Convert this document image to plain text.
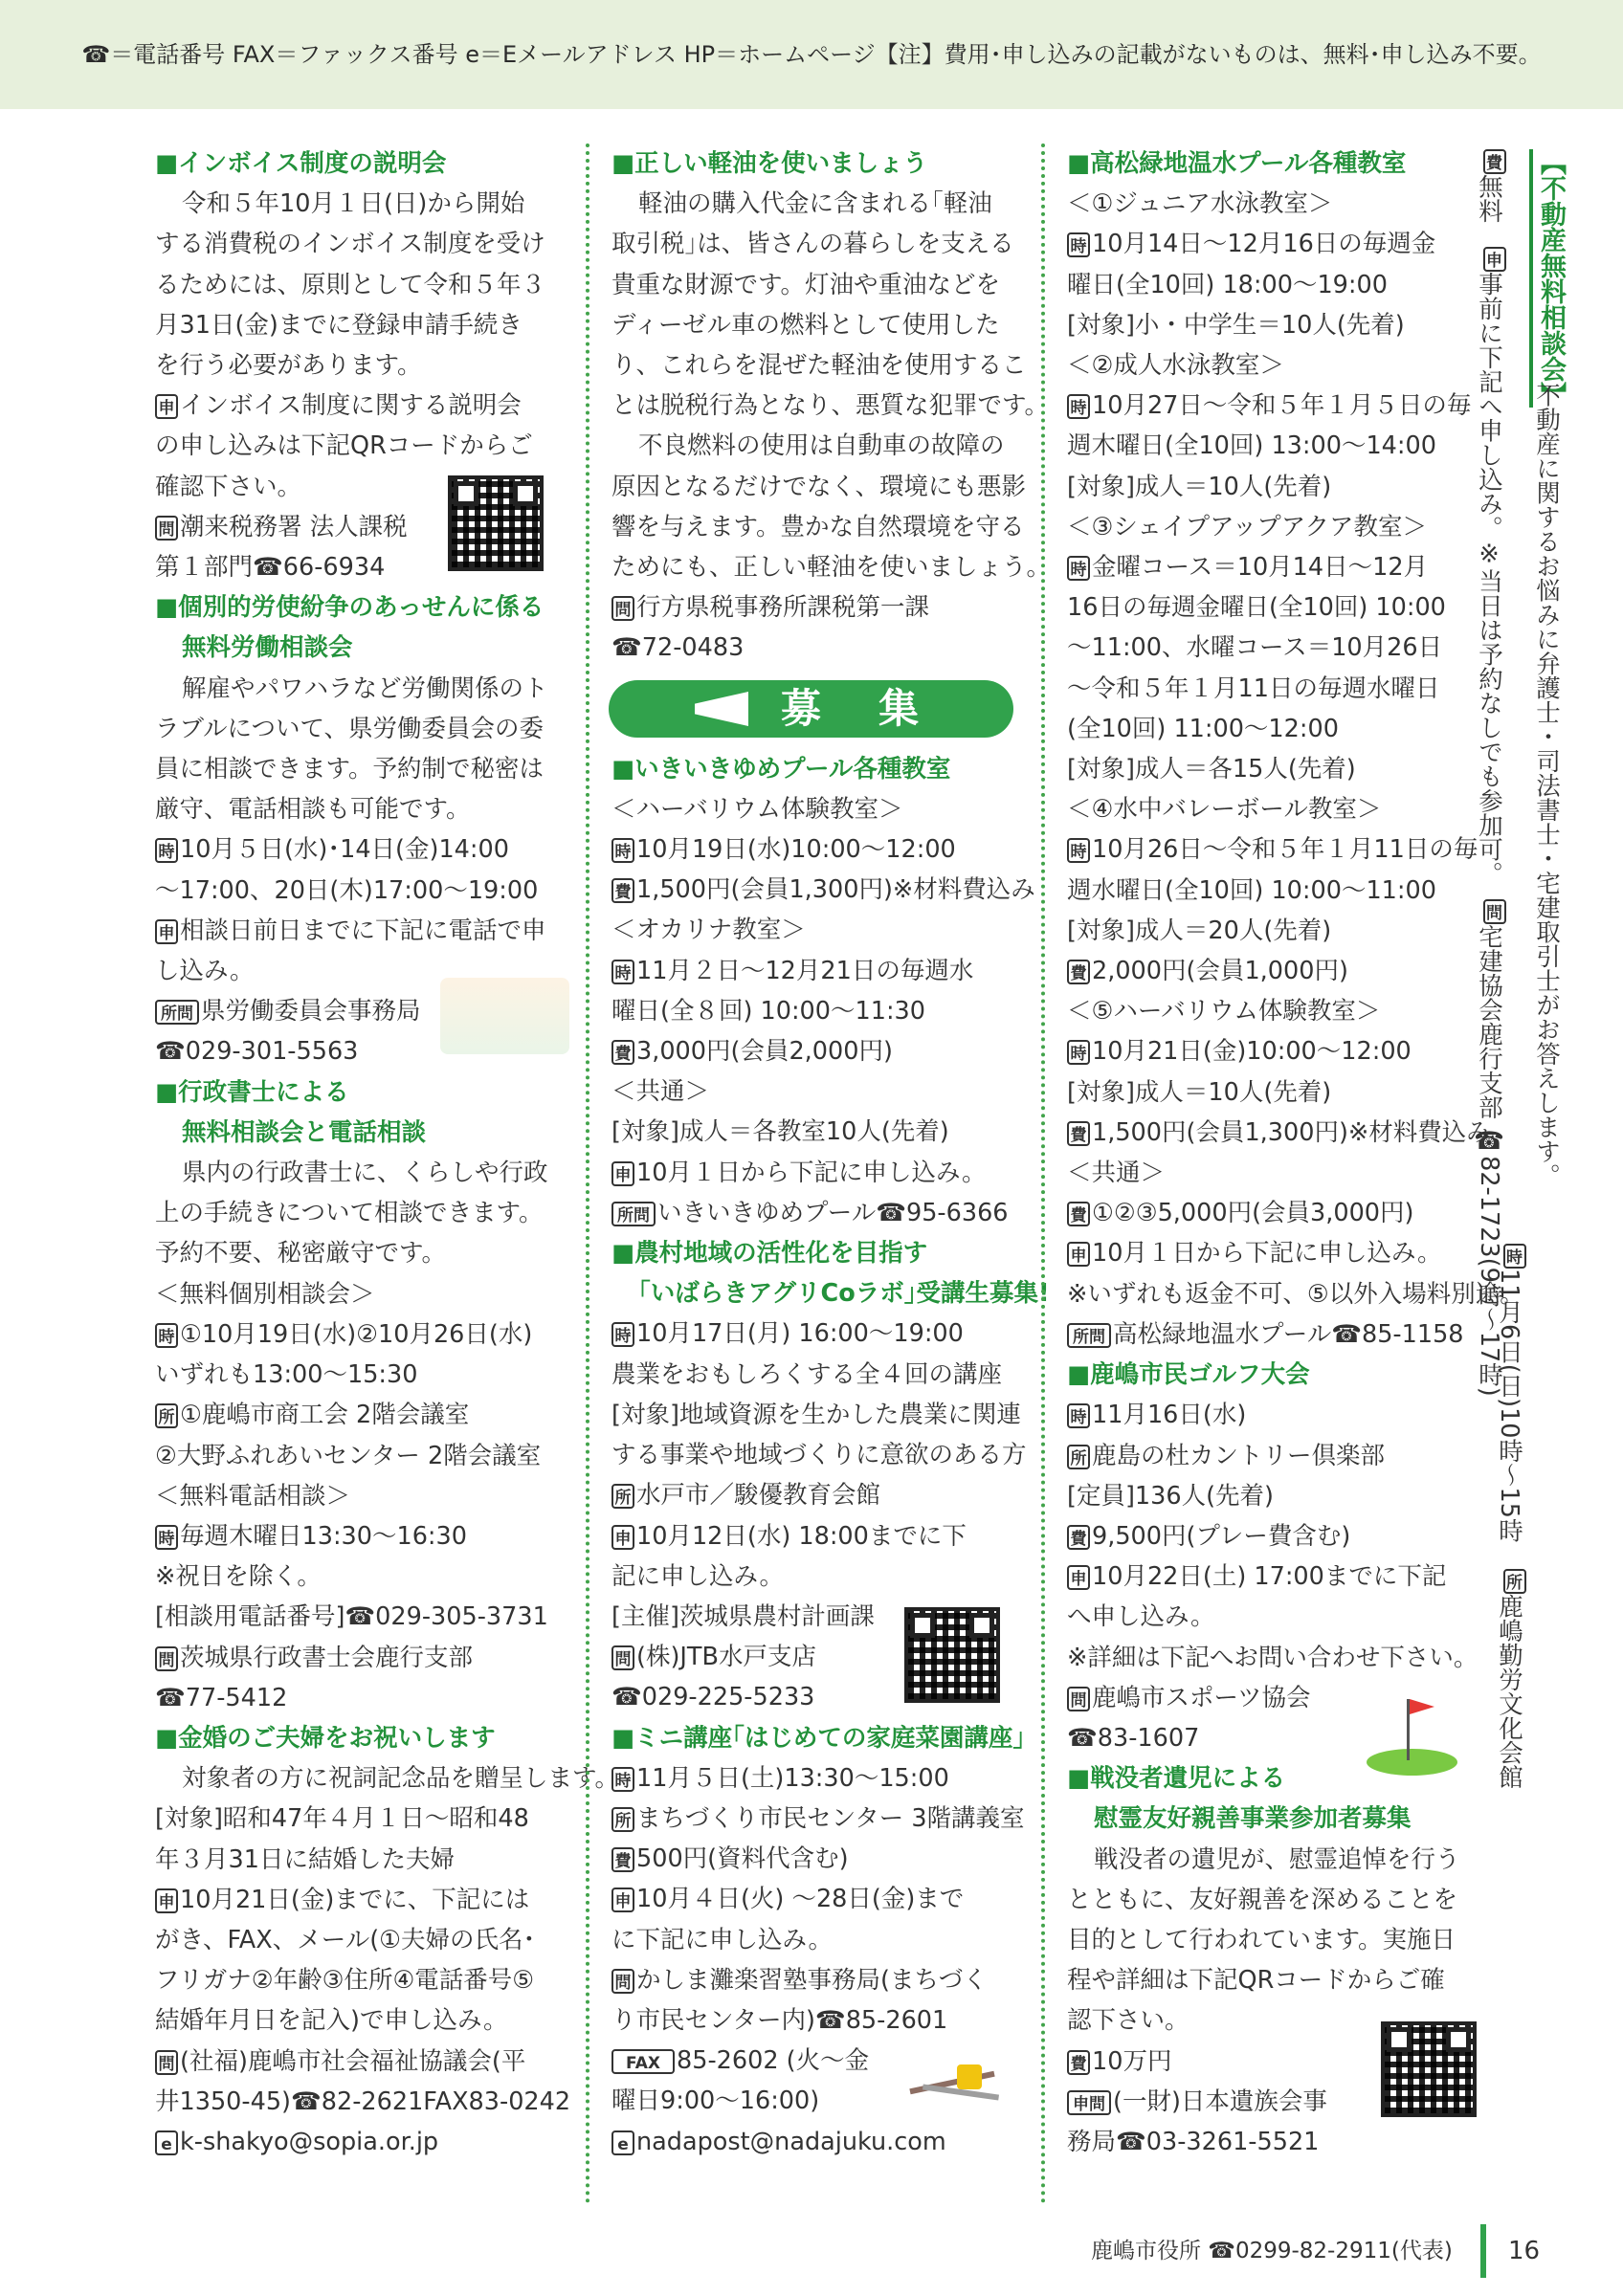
☎＝電話番号 FAX＝ファックス番号 e＝Eメールアドレス HP＝ホームページ【注】費用･申し込みの記載がないものは、無料･申し込み不要。
■インボイス制度の説明会
令和５年10月１日(日)から開始
する消費税のインボイス制度を受け
るためには、原則として令和５年３
月31日(金)までに登録申請手続き
を行う必要があります。
申 インボイス制度に関する説明会
の申し込みは下記QRコードからご
確認下さい。
問 潮来税務署 法人課税
第１部門☎66-6934
■個別的労使紛争のあっせんに係る
無料労働相談会
解雇やパワハラなど労働関係のト
ラブルについて、県労働委員会の委
員に相談できます。予約制で秘密は
厳守、電話相談も可能です。
時 10月５日(水)･14日(金)14:00
～17:00、20日(木)17:00～19:00
申 相談日前日までに下記に電話で申
し込み。
所問 県労働委員会事務局
☎029-301-5563
■行政書士による
無料相談会と電話相談
県内の行政書士に、くらしや行政
上の手続きについて相談できます。
予約不要、秘密厳守です。
＜無料個別相談会＞
時 ①10月19日(水)②10月26日(水)
いずれも13:00～15:30
所 ①鹿嶋市商工会 2階会議室
②大野ふれあいセンター 2階会議室
＜無料電話相談＞
時 毎週木曜日13:30～16:30
※祝日を除く。
[相談用電話番号]☎029-305-3731
問 茨城県行政書士会鹿行支部
☎77-5412
■金婚のご夫婦をお祝いします
対象者の方に祝詞記念品を贈呈します。
[対象]昭和47年４月１日～昭和48
年３月31日に結婚した夫婦
申 10月21日(金)までに、下記には
がき、FAX、メール(①夫婦の氏名･
フリガナ②年齢③住所④電話番号⑤
結婚年月日を記入)で申し込み。
問 (社福)鹿嶋市社会福祉協議会(平
井1350-45)☎82-2621FAX83-0242
e k-shakyo@sopia.or.jp
■正しい軽油を使いましょう
軽油の購入代金に含まれる｢軽油
取引税｣は、皆さんの暮らしを支える
貴重な財源です。灯油や重油などを
ディーゼル車の燃料として使用した
り、これらを混ぜた軽油を使用するこ
とは脱税行為となり、悪質な犯罪です。
不良燃料の使用は自動車の故障の
原因となるだけでなく、環境にも悪影
響を与えます。豊かな自然環境を守る
ためにも、正しい軽油を使いましょう。
問 行方県税事務所課税第一課
☎72-0483
■いきいきゆめプール各種教室
＜ハーバリウム体験教室＞
時 10月19日(水)10:00～12:00
費 1,500円(会員1,300円)※材料費込み
＜オカリナ教室＞
時 11月２日～12月21日の毎週水
曜日(全８回) 10:00～11:30
費 3,000円(会員2,000円)
＜共通＞
[対象]成人＝各教室10人(先着)
申 10月１日から下記に申し込み。
所問 いきいきゆめプール☎95-6366
■農村地域の活性化を目指す
｢いばらきアグリCoラボ｣受講生募集!
時 10月17日(月) 16:00～19:00
農業をおもしろくする全４回の講座
[対象]地域資源を生かした農業に関連
する事業や地域づくりに意欲のある方
所 水戸市／駿優教育会館
申 10月12日(水) 18:00までに下
記に申し込み。
[主催]茨城県農村計画課
問 (株)JTB水戸支店
☎029-225-5233
■ミニ講座｢はじめての家庭菜園講座｣
時 11月５日(土)13:30～15:00
所 まちづくり市民センター 3階講義室
費 500円(資料代含む)
申 10月４日(火) ～28日(金)まで
に下記に申し込み。
問 かしま灘楽習塾事務局(まちづく
り市民センター内)☎85-2601
FAX 85-2602 (火～金
曜日9:00～16:00)
e nadapost@nadajuku.com
募集
■高松緑地温水プール各種教室
＜①ジュニア水泳教室＞
時 10月14日～12月16日の毎週金
曜日(全10回) 18:00～19:00
[対象]小・中学生＝10人(先着)
＜②成人水泳教室＞
時 10月27日～令和５年１月５日の毎
週木曜日(全10回) 13:00～14:00
[対象]成人＝10人(先着)
＜③シェイプアップアクア教室＞
時 金曜コース＝10月14日～12月
16日の毎週金曜日(全10回) 10:00
～11:00、水曜コース＝10月26日
～令和５年１月11日の毎週水曜日
(全10回) 11:00～12:00
[対象]成人＝各15人(先着)
＜④水中バレーボール教室＞
時 10月26日～令和５年１月11日の毎
週水曜日(全10回) 10:00～11:00
[対象]成人＝20人(先着)
費 2,000円(会員1,000円)
＜⑤ハーバリウム体験教室＞
時 10月21日(金)10:00～12:00
[対象]成人＝10人(先着)
費 1,500円(会員1,300円)※材料費込み
＜共通＞
費 ①②③5,000円(会員3,000円)
申 10月１日から下記に申し込み。
※いずれも返金不可、⑤以外入場料別途。
所問 高松緑地温水プール☎85-1158
■鹿嶋市民ゴルフ大会
時 11月16日(水)
所 鹿島の杜カントリー倶楽部
[定員]136人(先着)
費 9,500円(プレー費含む)
申 10月22日(土) 17:00までに下記
へ申し込み。
※詳細は下記へお問い合わせ下さい。
問 鹿嶋市スポーツ協会
☎83-1607
■戦没者遺児による
慰霊友好親善事業参加者募集
戦没者の遺児が、慰霊追悼を行う
とともに、友好親善を深めることを
目的として行われています。実施日
程や詳細は下記QRコードからご確
認下さい。
費 10万円
申問 (一財)日本遺族会事
務局☎03-3261-5521
【不動産無料相談会】
不動産に関するお悩みに弁護士・司法書士・宅建取引士がお答えします。
時11月6日(日)10時～15時
所鹿嶋勤労文化会館
費無料
申事前に下記へ申し込み。※当日は予約なしでも参加可。
問宅建協会鹿行支部 ☎82-1723(9時～17時)
鹿嶋市役所 ☎0299-82-2911(代表) 16
